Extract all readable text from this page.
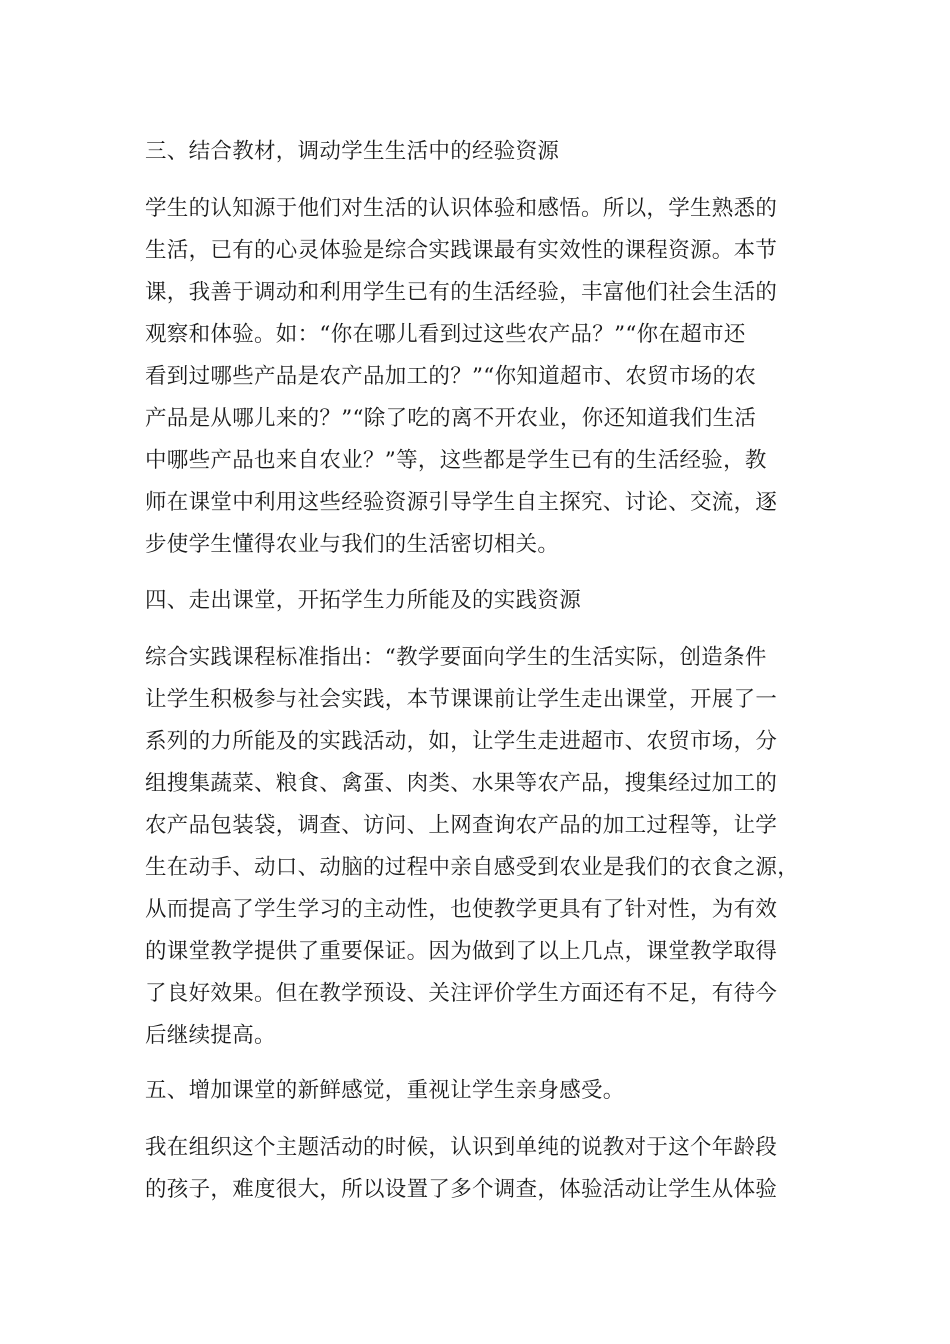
三、结合教材，调动学生生活中的经验资源
学生的认知源于他们对生活的认识体验和感悟。所以，学生熟悉的
生活，已有的心灵体验是综合实践课最有实效性的课程资源。本节
课，我善于调动和利用学生已有的生活经验，丰富他们社会生活的
观察和体验。如：“你在哪儿看到过这些农产品？”“你在超市还
看到过哪些产品是农产品加工的？”“你知道超市、农贸市场的农
产品是从哪儿来的？”“除了吃的离不开农业，你还知道我们生活
中哪些产品也来自农业？”等，这些都是学生已有的生活经验，教
师在课堂中利用这些经验资源引导学生自主探究、讨论、交流，逐
步使学生懂得农业与我们的生活密切相关。
四、走出课堂，开拓学生力所能及的实践资源
综合实践课程标准指出：“教学要面向学生的生活实际，创造条件
让学生积极参与社会实践，本节课课前让学生走出课堂，开展了一
系列的力所能及的实践活动，如，让学生走进超市、农贸市场，分
组搜集蔬菜、粮食、禽蛋、肉类、水果等农产品，搜集经过加工的
农产品包装袋，调查、访问、上网查询农产品的加工过程等，让学
生在动手、动口、动脑的过程中亲自感受到农业是我们的衣食之源，
从而提高了学生学习的主动性，也使教学更具有了针对性，为有效
的课堂教学提供了重要保证。因为做到了以上几点，课堂教学取得
了良好效果。但在教学预设、关注评价学生方面还有不足，有待今
后继续提高。
五、增加课堂的新鲜感觉，重视让学生亲身感受。
我在组织这个主题活动的时候，认识到单纯的说教对于这个年龄段
的孩子，难度很大，所以设置了多个调查，体验活动让学生从体验
